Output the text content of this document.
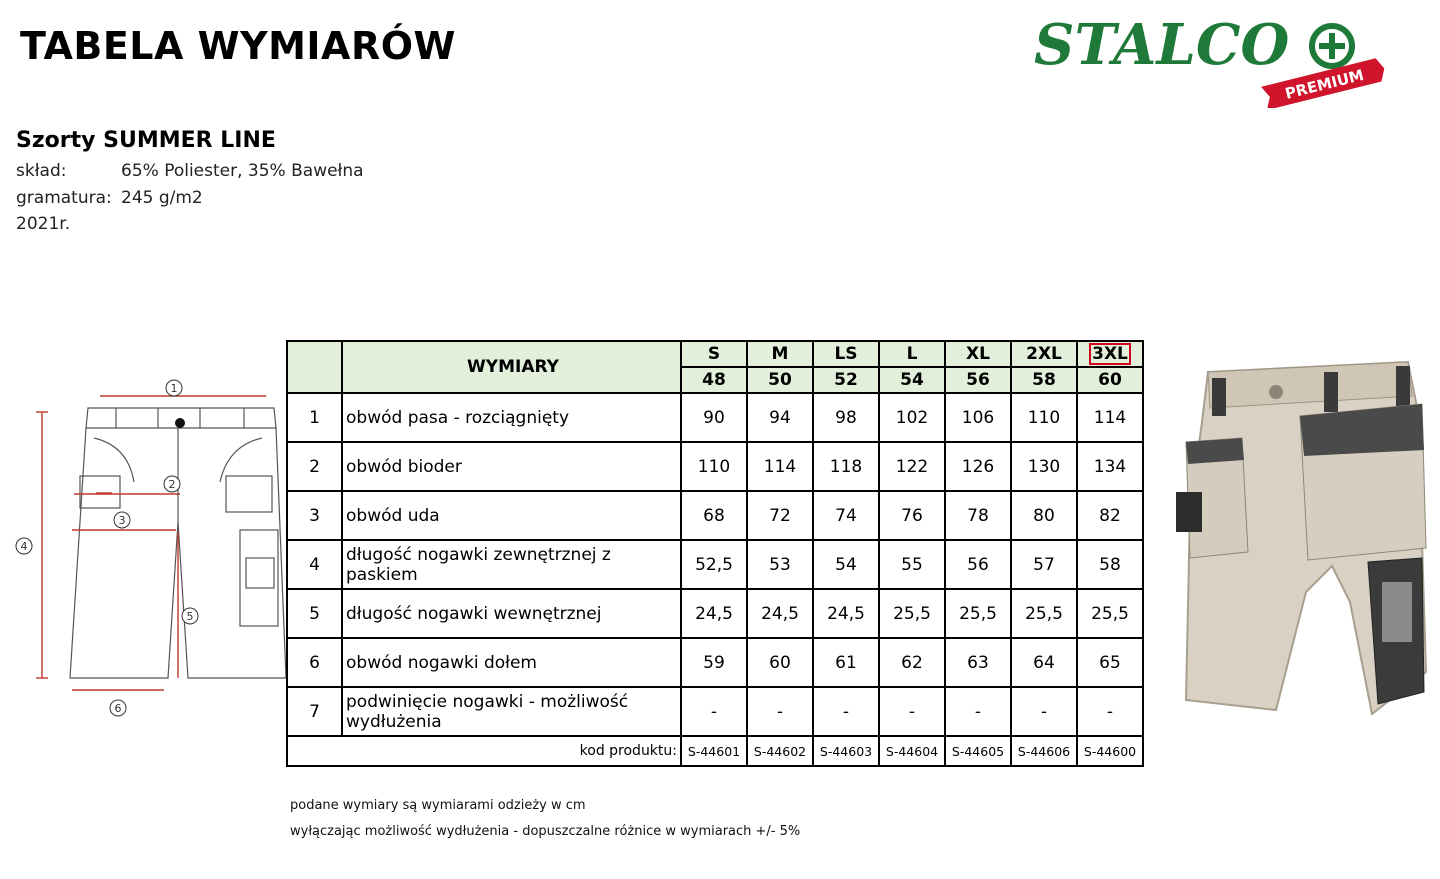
TABELA WYMIARÓW	STALCO
PREMIUM
Szorty SUMMER LINE
skład:	65% Poliester, 35% Bawełna
gramatura: 245 g/m2
2021r.
1
2
3
4
5
6
	WYMIARY	S	M	LS	L	XL	2XL	3XL
		48	50	52	54	56	58	60
1	obwód pasa - rozciągnięty	90	94	98	102	106	110	114
2	obwód bioder	110	114	118	122	126	130	134
3	obwód uda	68	72	74	76	78	80	82
4	długość nogawki zewnętrznej z paskiem	52,5	53	54	55	56	57	58
5	długość nogawki wewnętrznej	24,5	24,5	24,5	25,5	25,5	25,5	25,5
6	obwód nogawki dołem	59	60	61	62	63	64	65
7	podwinięcie nogawki - możliwość wydłużenia	-	-	-	-	-	-	-
kod produktu:		S-44601	S-44602	S-44603	S-44604	S-44605	S-44606	S-44600
podane wymiary są wymiarami odzieży w cm
wyłączając możliwość wydłużenia - dopuszczalne różnice w wymiarach +/- 5%
